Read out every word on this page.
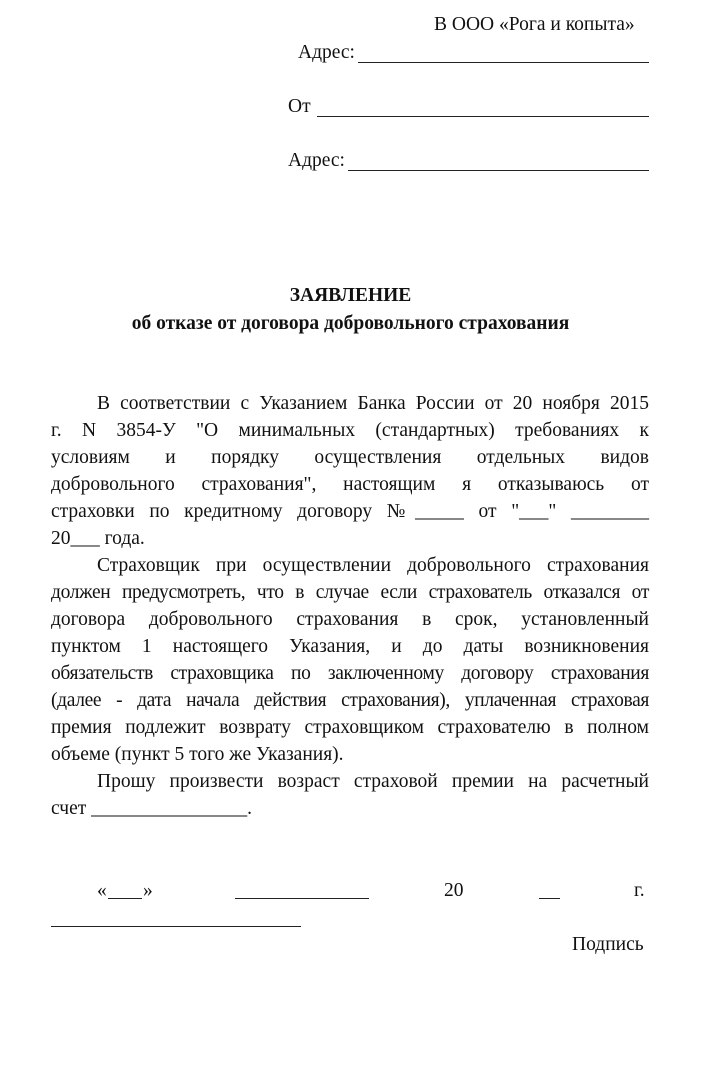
В ООО «Рога и копыта»
Адрес:
От
Адрес:
ЗАЯВЛЕНИЕ
об отказе от договора добровольного страхования
В соответствии с Указанием Банка России от 20 ноября 2015
г. N 3854-У "О минимальных (стандартных) требованиях к
условиям и порядку осуществления отдельных видов
добровольного страхования", настоящим я отказываюсь от
страховки по кредитному договору №_____ от "___" ________
20___ года.
Страховщик при осуществлении добровольного страхования
должен предусмотреть, что в случае если страхователь отказался от
договора добровольного страхования в срок, установленный
пунктом 1 настоящего Указания, и до даты возникновения
обязательств страховщика по заключенному договору страхования
(далее - дата начала действия страхования), уплаченная страховая
премия подлежит возврату страховщиком страхователю в полном
объеме (пункт 5 того же Указания).
Прошу произвести возраст страховой премии на расчетный
счет ________________.
« »	20	г.
Подпись
